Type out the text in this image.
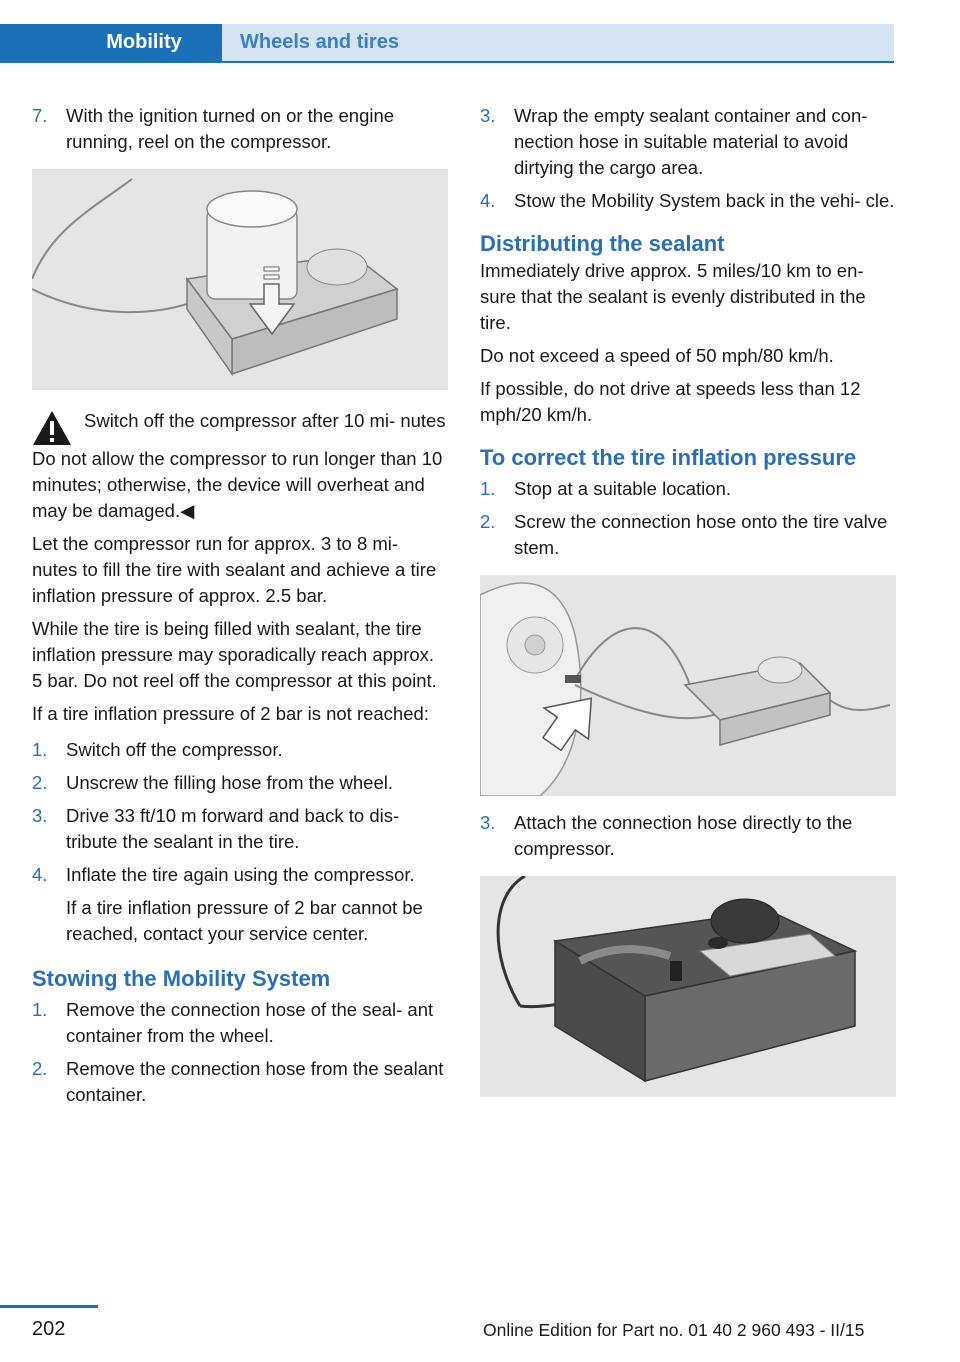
Mobility	Wheels and tires
7.	With the ignition turned on or the engine running, reel on the compressor.
Switch off the compressor after 10 mi‐ nutes

Do not allow the compressor to run longer than 10 minutes; otherwise, the device will overheat and may be damaged.◀

Let the compressor run for approx. 3 to 8 mi‐ nutes to fill the tire with sealant and achieve a tire inflation pressure of approx. 2.5 bar.

While the tire is being filled with sealant, the tire inflation pressure may sporadically reach approx. 5 bar. Do not reel off the compressor at this point.

If a tire inflation pressure of 2 bar is not reached:

1.	Switch off the compressor.
2.	Unscrew the filling hose from the wheel.
3.	Drive 33 ft/10 m forward and back to dis‐ tribute the sealant in the tire.
4.	Inflate the tire again using the compressor.

If a tire inflation pressure of 2 bar cannot be reached, contact your service center.

Stowing the Mobility System
1.	Remove the connection hose of the seal‐ ant container from the wheel.
2.	Remove the connection hose from the sealant container.
3.	Wrap the empty sealant container and con‐ nection hose in suitable material to avoid dirtying the cargo area.
4.	Stow the Mobility System back in the vehi‐ cle.
Distributing the sealant

Immediately drive approx. 5 miles/10 km to en‐ sure that the sealant is evenly distributed in the tire.

Do not exceed a speed of 50 mph/80 km/h.

If possible, do not drive at speeds less than 12 mph/20 km/h.

To correct the tire inflation pressure
1.	Stop at a suitable location.
2.	Screw the connection hose onto the tire valve stem.
3.	Attach the connection hose directly to the compressor.
202	Online Edition for Part no. 01 40 2 960 493 - II/15
